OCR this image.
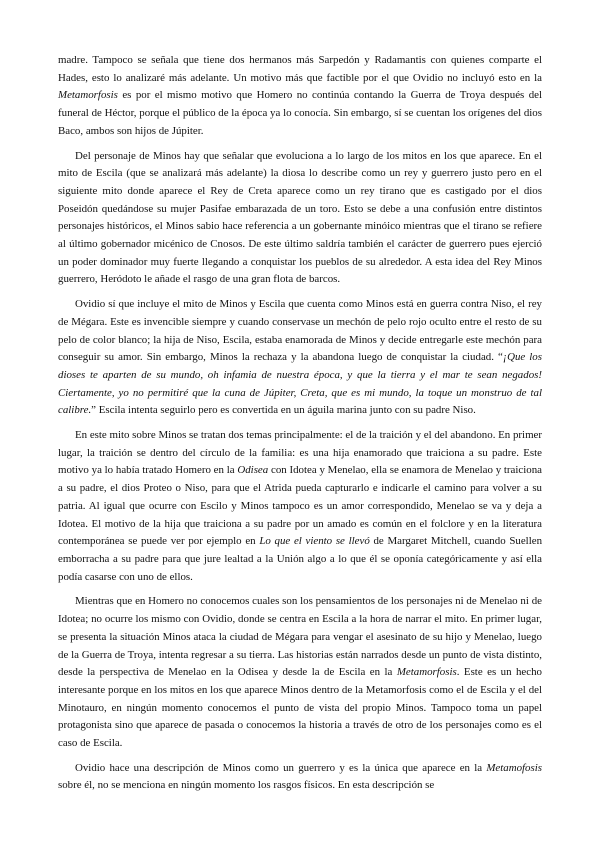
madre. Tampoco se señala que tiene dos hermanos más Sarpedón y Radamantis con quienes comparte el Hades, esto lo analizaré más adelante. Un motivo más que factible por el que Ovidio no incluyó esto en la Metamorfosis es por el mismo motivo que Homero no continúa contando la Guerra de Troya después del funeral de Héctor, porque el público de la época ya lo conocía. Sin embargo, sí se cuentan los orígenes del dios Baco, ambos son hijos de Júpiter.

Del personaje de Minos hay que señalar que evoluciona a lo largo de los mitos en los que aparece. En el mito de Escila (que se analizará más adelante) la diosa lo describe como un rey y guerrero justo pero en el siguiente mito donde aparece el Rey de Creta aparece como un rey tirano que es castigado por el dios Poseidón quedándose su mujer Pasifae embarazada de un toro. Esto se debe a una confusión entre distintos personajes históricos, el Minos sabio hace referencia a un gobernante minóico mientras que el tirano se refiere al último gobernador micénico de Cnosos. De este último saldría también el carácter de guerrero pues ejerció un poder dominador muy fuerte llegando a conquistar los pueblos de su alrededor. A esta idea del Rey Minos guerrero, Heródoto le añade el rasgo de una gran flota de barcos.

Ovidio sí que incluye el mito de Minos y Escila que cuenta como Minos está en guerra contra Niso, el rey de Mégara. Este es invencible siempre y cuando conservase un mechón de pelo rojo oculto entre el resto de su pelo de color blanco; la hija de Niso, Escila, estaba enamorada de Minos y decide entregarle este mechón para conseguir su amor. Sin embargo, Minos la rechaza y la abandona luego de conquistar la ciudad. “¡Que los dioses te aparten de su mundo, oh infamia de nuestra época, y que la tierra y el mar te sean negados! Ciertamente, yo no permitiré que la cuna de Júpiter, Creta, que es mi mundo, la toque un monstruo de tal calibre.” Escila intenta seguirlo pero es convertida en un águila marina junto con su padre Niso.

En este mito sobre Minos se tratan dos temas principalmente: el de la traición y el del abandono. En primer lugar, la traición se dentro del círculo de la familia: es una hija enamorado que traiciona a su padre. Este motivo ya lo había tratado Homero en la Odisea con Idotea y Menelao, ella se enamora de Menelao y traiciona a su padre, el dios Proteo o Niso, para que el Atrida pueda capturarlo e indicarle el camino para volver a su patria. Al igual que ocurre con Escilo y Minos tampoco es un amor correspondido, Menelao se va y deja a Idotea. El motivo de la hija que traiciona a su padre por un amado es común en el folclore y en la literatura contemporánea se puede ver por ejemplo en Lo que el viento se llevó de Margaret Mitchell, cuando Suellen emborracha a su padre para que jure lealtad a la Unión algo a lo que él se oponía categóricamente y así ella podía casarse con uno de ellos.

Mientras que en Homero no conocemos cuales son los pensamientos de los personajes ni de Menelao ni de Idotea; no ocurre los mismo con Ovidio, donde se centra en Escila a la hora de narrar el mito. En primer lugar, se presenta la situación Minos ataca la ciudad de Mégara para vengar el asesinato de su hijo y Menelao, luego de la Guerra de Troya, intenta regresar a su tierra. Las historias están narrados desde un punto de vista distinto, desde la perspectiva de Menelao en la Odisea y desde la de Escila en la Metamorfosis. Este es un hecho interesante porque en los mitos en los que aparece Minos dentro de la Metamorfosis como el de Escila y el del Minotauro, en ningún momento conocemos el punto de vista del propio Minos. Tampoco toma un papel protagonista sino que aparece de pasada o conocemos la historia a través de otro de los personajes como es el caso de Escila.

Ovidio hace una descripción de Minos como un guerrero y es la única que aparece en la Metamofosis sobre él, no se menciona en ningún momento los rasgos físicos. En esta descripción se
